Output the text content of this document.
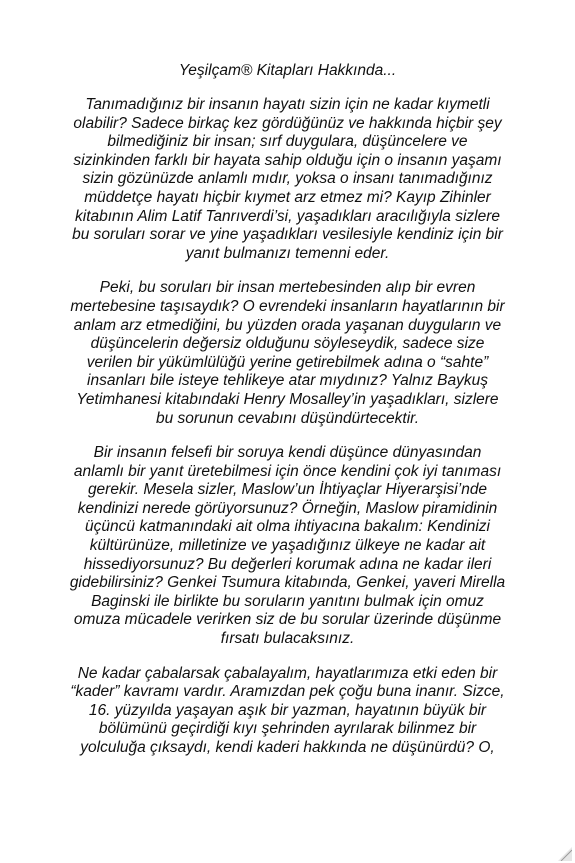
Yeşilçam® Kitapları Hakkında...
Tanımadığınız bir insanın hayatı sizin için ne kadar kıymetli
olabilir? Sadece birkaç kez gördüğünüz ve hakkında hiçbir şey
bilmediğiniz bir insan; sırf duygulara, düşüncelere ve
sizinkinden farklı bir hayata sahip olduğu için o insanın yaşamı
sizin gözünüzde anlamlı mıdır, yoksa o insanı tanımadığınız
müddetçe hayatı hiçbir kıymet arz etmez mi? Kayıp Zihinler
kitabının Alim Latif Tanrıverdi’si, yaşadıkları aracılığıyla sizlere
bu soruları sorar ve yine yaşadıkları vesilesiyle kendiniz için bir
yanıt bulmanızı temenni eder.
Peki, bu soruları bir insan mertebesinden alıp bir evren
mertebesine taşısaydık? O evrendeki insanların hayatlarının bir
anlam arz etmediğini, bu yüzden orada yaşanan duyguların ve
düşüncelerin değersiz olduğunu söyleseydik, sadece size
verilen bir yükümlülüğü yerine getirebilmek adına o “sahte”
insanları bile isteye tehlikeye atar mıydınız? Yalnız Baykuş
Yetimhanesi kitabındaki Henry Mosalley’in yaşadıkları, sizlere
bu sorunun cevabını düşündürtecektir.
Bir insanın felsefi bir soruya kendi düşünce dünyasından
anlamlı bir yanıt üretebilmesi için önce kendini çok iyi tanıması
gerekir. Mesela sizler, Maslow’un İhtiyaçlar Hiyerarşisi’nde
kendinizi nerede görüyorsunuz? Örneğin, Maslow piramidinin
üçüncü katmanındaki ait olma ihtiyacına bakalım: Kendinizi
kültürünüze, milletinize ve yaşadığınız ülkeye ne kadar ait
hissediyorsunuz? Bu değerleri korumak adına ne kadar ileri
gidebilirsiniz? Genkei Tsumura kitabında, Genkei, yaveri Mirella
Baginski ile birlikte bu soruların yanıtını bulmak için omuz
omuza mücadele verirken siz de bu sorular üzerinde düşünme
fırsatı bulacaksınız.
Ne kadar çabalarsak çabalayalım, hayatlarımıza etki eden bir
“kader” kavramı vardır. Aramızdan pek çoğu buna inanır. Sizce,
16. yüzyılda yaşayan aşık bir yazman, hayatının büyük bir
bölümünü geçirdiği kıyı şehrinden ayrılarak bilinmez bir
yolculuğa çıksaydı, kendi kaderi hakkında ne düşünürdü? O,
